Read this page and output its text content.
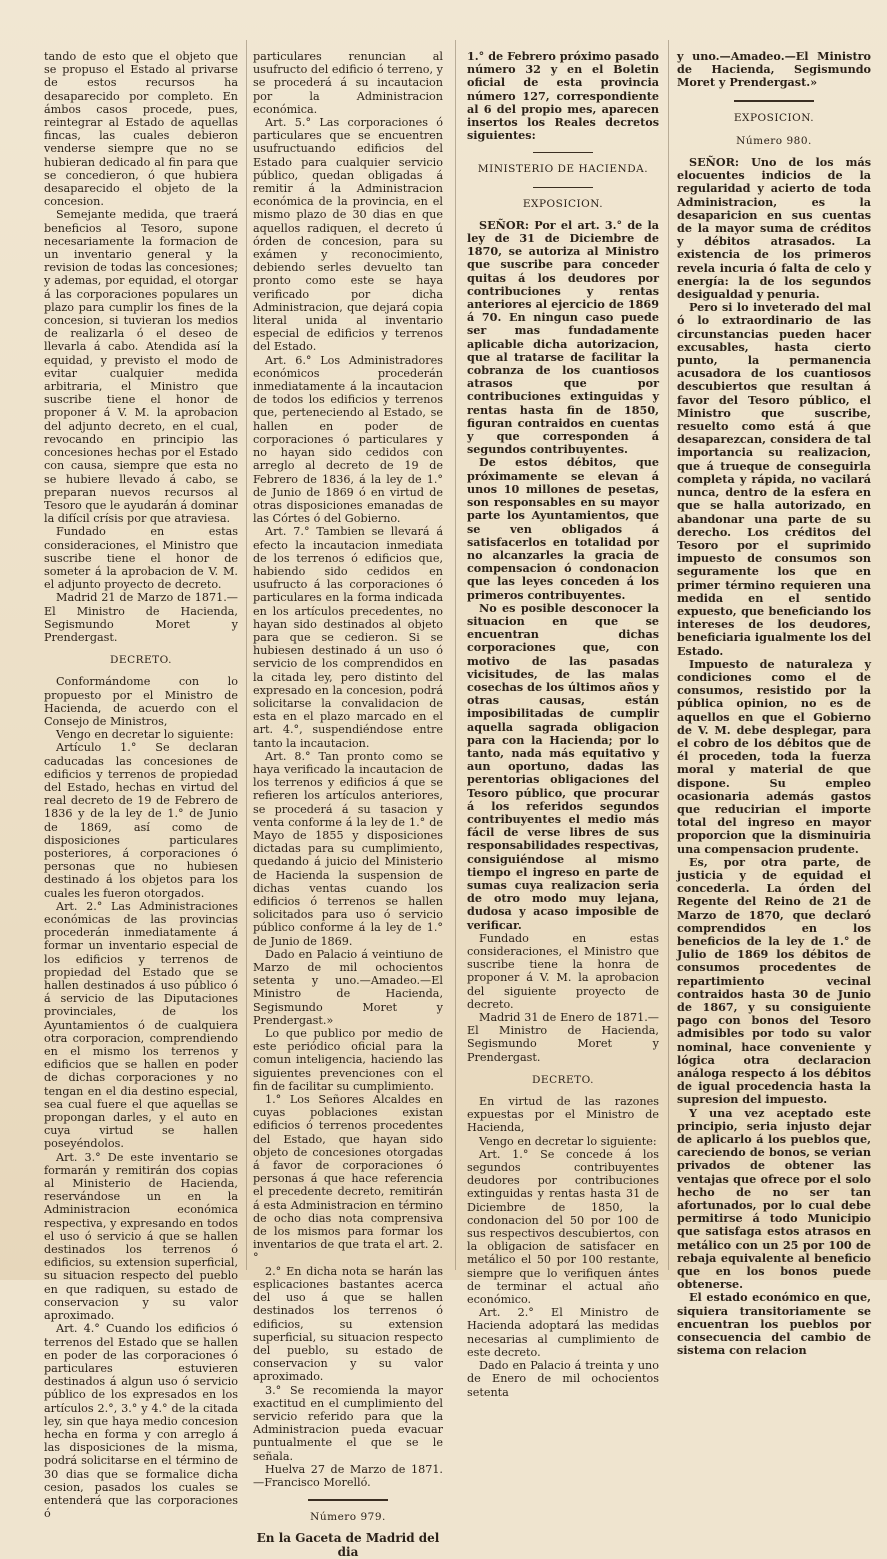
tando de esto que el objeto que se propuso el Estado al privarse de estos recursos ha desaparecido por completo. En ámbos casos procede, pues, reintegrar al Estado de aquellas fincas, las cuales debieron venderse siempre que no se hubieran dedicado al fin para que se concedieron, ó que hubiera desaparecido el objeto de la concesion.

Semejante medida, que traerá beneficios al Tesoro, supone necesariamente la formacion de un inventario general y la revision de todas las concesiones; y ademas, por equidad, el otorgar á las corporaciones populares un plazo para cumplir los fines de la concesion, si tuvieran los medios de realizarla ó el deseo de llevarla á cabo. Atendida así la equidad, y previsto el modo de evitar cualquier medida arbitraria, el Ministro que suscribe tiene el honor de proponer á V. M. la aprobacion del adjunto decreto, en el cual, revocando en principio las concesiones hechas por el Estado con causa, siempre que esta no se hubiere llevado á cabo, se preparan nuevos recursos al Tesoro que le ayudarán á dominar la difícil crísis por que atraviesa.

Fundado en estas consideraciones, el Ministro que suscribe tiene el honor de someter á la aprobacion de V. M. el adjunto proyecto de decreto.

Madrid 21 de Marzo de 1871.—El Ministro de Hacienda, Segismundo Moret y Prendergast.

DECRETO.

Conformándome con lo propuesto por el Ministro de Hacienda, de acuerdo con el Consejo de Ministros,

Vengo en decretar lo siguiente:

Artículo 1.° Se declaran caducadas las concesiones de edificios y terrenos de propiedad del Estado, hechas en virtud del real decreto de 19 de Febrero de 1836 y de la ley de 1.° de Junio de 1869, así como de disposiciones particulares posteriores, á corporaciones ó personas que no hubiesen destinado á los objetos para los cuales les fueron otorgados.

Art. 2.° Las Administraciones económicas de las provincias procederán inmediatamente á formar un inventario especial de los edificios y terrenos de propiedad del Estado que se hallen destinados á uso público ó á servicio de las Diputaciones provinciales, de los Ayuntamientos ó de cualquiera otra corporacion, comprendiendo en el mismo los terrenos y edificios que se hallen en poder de dichas corporaciones y no tengan en el dia destino especial, sea cual fuere el que aquellas se propongan darles, y el auto en cuya virtud se hallen poseyéndolos.

Art. 3.° De este inventario se formarán y remitirán dos copias al Ministerio de Hacienda, reservándose un en la Administracion económica respectiva, y expresando en todos el uso ó servicio á que se hallen destinados los terrenos ó edificios, su extension superficial, su situacion respecto del pueblo en que radiquen, su estado de conservacion y su valor aproximado.

Art. 4.° Cuando los edificios ó terrenos del Estado que se hallen en poder de las corporaciones ó particulares estuvieren destinados á algun uso ó servicio público de los expresados en los artículos 2.°, 3.° y 4.° de la citada ley, sin que haya medio concesion hecha en forma y con arreglo á las disposiciones de la misma, podrá solicitarse en el término de 30 dias que se formalice dicha cesion, pasados los cuales se entenderá que las corporaciones ó

particulares renuncian al usufructo del edificio ó terreno, y se procederá á su incautacion por la Administracion económica.

Art. 5.° Las corporaciones ó particulares que se encuentren usufructuando edificios del Estado para cualquier servicio público, quedan obligadas á remitir á la Administracion económica de la provincia, en el mismo plazo de 30 dias en que aquellos radiquen, el decreto ú órden de concesion, para su exámen y reconocimiento, debiendo serles devuelto tan pronto como este se haya verificado por dicha Administracion, que dejará copia literal unida al inventario especial de edificios y terrenos del Estado.

Art. 6.° Los Administradores económicos procederán inmediatamente á la incautacion de todos los edificios y terrenos que, perteneciendo al Estado, se hallen en poder de corporaciones ó particulares y no hayan sido cedidos con arreglo al decreto de 19 de Febrero de 1836, á la ley de 1.° de Junio de 1869 ó en virtud de otras disposiciones emanadas de las Córtes ó del Gobierno.

Art. 7.° Tambien se llevará á efecto la incautacion inmediata de los terrenos ó edificios que, habiendo sido cedidos en usufructo á las corporaciones ó particulares en la forma indicada en los artículos precedentes, no hayan sido destinados al objeto para que se cedieron. Si se hubiesen destinado á un uso ó servicio de los comprendidos en la citada ley, pero distinto del expresado en la concesion, podrá solicitarse la convalidacion de esta en el plazo marcado en el art. 4.°, suspendiéndose entre tanto la incautacion.

Art. 8.° Tan pronto como se haya verificado la incautacion de los terrenos y edificios á que se refieren los artículos anteriores, se procederá á su tasacion y venta conforme á la ley de 1.° de Mayo de 1855 y disposiciones dictadas para su cumplimiento, quedando á juicio del Ministerio de Hacienda la suspension de dichas ventas cuando los edificios ó terrenos se hallen solicitados para uso ó servicio público conforme á la ley de 1.° de Junio de 1869.

Dado en Palacio á veintiuno de Marzo de mil ochocientos setenta y uno.—Amadeo.—El Ministro de Hacienda, Segismundo Moret y Prendergast.»

Lo que publico por medio de este periódico oficial para la comun inteligencia, haciendo las siguientes prevenciones con el fin de facilitar su cumplimiento.

1.° Los Señores Alcaldes en cuyas poblaciones existan edificios ó terrenos procedentes del Estado, que hayan sido objeto de concesiones otorgadas á favor de corporaciones ó personas á que hace referencia el precedente decreto, remitirán á esta Administracion en término de ocho dias nota comprensiva de los mismos para formar los inventarios de que trata el art. 2.°

2.° En dicha nota se harán las esplicaciones bastantes acerca del uso á que se hallen destinados los terrenos ó edificios, su extension superficial, su situacion respecto del pueblo, su estado de conservacion y su valor aproximado.

3.° Se recomienda la mayor exactitud en el cumplimiento del servicio referido para que la Administracion pueda evacuar puntualmente el que se le señala.

Huelva 27 de Marzo de 1871.—Francisco Morelló.

Número 979.

En la Gaceta de Madrid del dia

1.° de Febrero próximo pasado número 32 y en el Boletin oficial de esta provincia número 127, correspondiente al 6 del propio mes, aparecen insertos los Reales decretos siguientes:

MINISTERIO DE HACIENDA.
EXPOSICION.

SEÑOR: Por el art. 3.° de la ley de 31 de Diciembre de 1870, se autoriza al Ministro que suscribe para conceder quitas á los deudores por contribuciones y rentas anteriores al ejercicio de 1869 á 70. En ningun caso puede ser mas fundadamente aplicable dicha autorizacion, que al tratarse de facilitar la cobranza de los cuantiosos atrasos que por contribuciones extinguidas y rentas hasta fin de 1850, figuran contraidos en cuentas y que corresponden á segundos contribuyentes.

De estos débitos, que próximamente se elevan á unos 10 millones de pesetas, son responsables en su mayor parte los Ayuntamientos, que se ven obligados á satisfacerlos en totalidad por no alcanzarles la gracia de compensacion ó condonacion que las leyes conceden á los primeros contribuyentes.

No es posible desconocer la situacion en que se encuentran dichas corporaciones que, con motivo de las pasadas vicisitudes, de las malas cosechas de los últimos años y otras causas, están imposibilitadas de cumplir aquella sagrada obligacion para con la Hacienda; por lo tanto, nada más equitativo y aun oportuno, dadas las perentorias obligaciones del Tesoro público, que procurar á los referidos segundos contribuyentes el medio más fácil de verse libres de sus responsabilidades respectivas, consiguiéndose al mismo tiempo el ingreso en parte de sumas cuya realizacion seria de otro modo muy lejana, dudosa y acaso imposible de verificar.

Fundado en estas consideraciones, el Ministro que suscribe tiene la honra de proponer á V. M. la aprobacion del siguiente proyecto de decreto.

Madrid 31 de Enero de 1871.—El Ministro de Hacienda, Segismundo Moret y Prendergast.

DECRETO.

En virtud de las razones expuestas por el Ministro de Hacienda,

Vengo en decretar lo siguiente:

Art. 1.° Se concede á los segundos contribuyentes deudores por contribuciones extinguidas y rentas hasta 31 de Diciembre de 1850, la condonacion del 50 por 100 de sus respectivos descubiertos, con la obligacion de satisfacer en metálico el 50 por 100 restante, siempre que lo verifiquen ántes de terminar el actual año económico.

Art. 2.° El Ministro de Hacienda adoptará las medidas necesarias al cumplimiento de este decreto.

Dado en Palacio á treinta y uno de Enero de mil ochocientos setenta

y uno.—Amadeo.—El Ministro de Hacienda, Segismundo Moret y Prendergast.»

EXPOSICION.
Número 980.

SEÑOR: Uno de los más elocuentes indicios de la regularidad y acierto de toda Administracion, es la desaparicion en sus cuentas de la mayor suma de créditos y débitos atrasados. La existencia de los primeros revela incuria ó falta de celo y energía: la de los segundos desigualdad y penuria.

Pero si lo inveterado del mal ó lo extraordinario de las circunstancias pueden hacer excusables, hasta cierto punto, la permanencia acusadora de los cuantiosos descubiertos que resultan á favor del Tesoro público, el Ministro que suscribe, resuelto como está á que desaparezcan, considera de tal importancia su realizacion, que á trueque de conseguirla completa y rápida, no vacilará nunca, dentro de la esfera en que se halla autorizado, en abandonar una parte de su derecho. Los créditos del Tesoro por el suprimido impuesto de consumos son seguramente los que en primer término requieren una medida en el sentido expuesto, que beneficiando los intereses de los deudores, beneficiaria igualmente los del Estado.

Impuesto de naturaleza y condiciones como el de consumos, resistido por la pública opinion, no es de aquellos en que el Gobierno de V. M. debe desplegar, para el cobro de los débitos que de él proceden, toda la fuerza moral y material de que dispone. Su empleo ocasionaria además gastos que reducirian el importe total del ingreso en mayor proporcion que la disminuiria una compensacion prudente.

Es, por otra parte, de justicia y de equidad el concederla. La órden del Regente del Reino de 21 de Marzo de 1870, que declaró comprendidos en los beneficios de la ley de 1.° de Julio de 1869 los débitos de consumos procedentes de repartimiento vecinal contraidos hasta 30 de Junio de 1867, y su consiguiente pago con bonos del Tesoro admisibles por todo su valor nominal, hace conveniente y lógica otra declaracion análoga respecto á los débitos de igual procedencia hasta la supresion del impuesto.

Y una vez aceptado este principio, seria injusto dejar de aplicarlo á los pueblos que, careciendo de bonos, se verian privados de obtener las ventajas que ofrece por el solo hecho de no ser tan afortunados, por lo cual debe permitirse á todo Municipio que satisfaga estos atrasos en metálico con un 25 por 100 de rebaja equivalente al beneficio que en los bonos puede obtenerse.

El estado económico en que, siquiera transitoriamente se encuentran los pueblos por consecuencia del cambio de sistema con relacion
